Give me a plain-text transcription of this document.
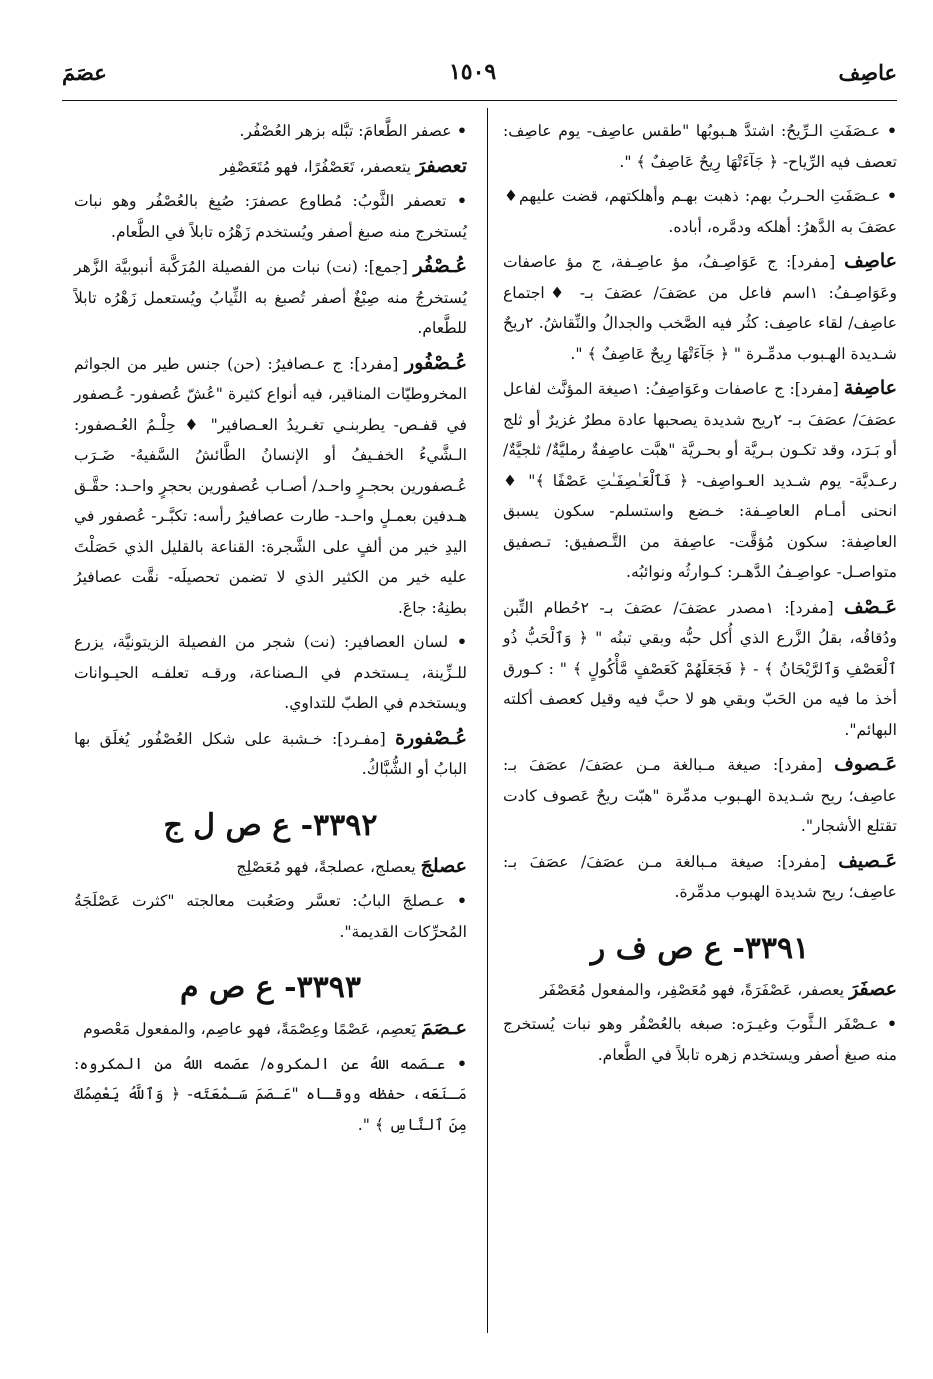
عاصِف
١٥٠٩
عصَمَ
• عـصَفَتِ الـرِّيحُ: اشتدَّ هـبوبُها "طقس عاصِف- يوم عاصِف: تعصف فيه الرِّياح- ﴿ جَآءَتْهَا رِيحٌ عَاصِفٌ ﴾ ".
• عـصَفَتِ الحـربُ بهم: ذهبت بهـم وأهلكتهم، قضت عليهم♦ عصَفَ به الدَّهرُ: أهلكه ودمَّره، أباده.
عاصِف [مفرد]: ج عَوَاصِـفُ، مؤ عاصِـفة، ج مؤ عاصفات وعَوَاصِـفُ: ١اسم فاعل من عصَفَ/ عصَفَ بـ- ♦اجتماع عاصِف/ لقاء عاصِف: كثُر فيه الصَّخب والجدالُ والنِّقاشُ. ٢ريحٌ شـديدة الهـبوب مدمِّـرة " ﴿ جَآءَتْهَا رِيحٌ عَاصِفٌ ﴾ ".
عاصِفة [مفرد]: ج عاصفات وعَوَاصِفُ: ١صيغة المؤنَّث لفاعل عصَفَ/ عصَفَ بـ- ٢ريح شديدة يصحبها عادة مطرٌ غزيرٌ أو ثلج أو بَـرَد، وقد تكـون بـريَّة أو بحـريَّة "هبَّت عاصِفةٌ رمليَّةٌ/ ثلجيَّةٌ/ رعـديَّة- يوم شـديد العـواصِف- ﴿ فَٱلْعَـٰصِفَـٰتِ عَصْفًا ﴾" ♦ انحنى أمـام العاصِـفة: خـضع واستسلم- سكون يسبق العاصِفة: سكون مُؤقَّت- عاصِفة من التَّـصفيق: تـصفيق متواصـل- عواصِـفُ الدَّهـر: كـوارثُه ونوائبُه.
عَـصْف [مفرد]: ١مصدر عصَفَ/ عصَفَ بـ- ٢حُطام التِّبن ودُقاقُه، بقلُ الزَّرع الذي أُكل حبُّه وبقي تبنُه " ﴿ وَٱلْحَبُّ ذُو ٱلْعَصْفِ وَٱلرَّيْحَانُ ﴾ - ﴿ فَجَعَلَهُمْ كَعَصْفٍ مَّأْكُولٍ ﴾ " : كـورق أخذ ما فيه من الحَبّ وبقي هو لا حبَّ فيه وقيل كعصف أكلته البهائم".
عَـصوف [مفرد]: صيغة مـبالغة مـن عصَفَ/ عصَفَ بـ: عاصِف؛ ريح شـديدة الهـبوب مدمِّرة "هبّت ريحٌ عَصوف كادت تقتلع الأشجار".
عَـصيف [مفرد]: صيغة مـبالغة مـن عصَفَ/ عصَفَ بـ: عاصِف؛ ريح شديدة الهبوب مدمِّرة.
٣٣٩١- ع ص ف ر
عصفَرَ يعصفر، عَصْفَرَةً، فهو مُعَصْفِر، والمفعول مُعَصْفَر
• عـصْفَر الـثَّوبَ وغيـرَه: صبغه بالعُصْفُر وهو نبات يُستخرج منه صبغ أصفر ويستخدم زهره تابلاً في الطَّعام.
• عصفر الطَّعامَ: تبَّله بزهر العُصْفُر.
تعصفرَ يتعصفر، تَعَصْفُرًا، فهو مُتَعَصْفِر
• تعصفر الثَّوبُ: مُطاوع عصفرَ: صُبِغ بالعُصْفُر وهو نبات يُستخرج منه صبغ أصفر ويُستخدم زَهْرُه تابلاً في الطَّعام.
عُـصْفُر [جمع]: (نت) نبات من الفصيلة المُرَكَّبة أنبوبيَّة الزَّهر يُستخرجُ منه صِبْغٌ أصفر تُصبغ به الثِّيابُ ويُستعمل زَهْرُه تابلاً للطَّعام.
عُـصْفُور [مفرد]: ج عـصافيرُ: (حن) جنس طير من الجواثم المخروطيّات المناقير، فيه أنواع كثيرة "عُشّ عُصفور- عُـصفور في قفـص- يطربنـي تغـريدُ العـصافير" ♦ حِلْـمُ العُـصفور: الـشَّيءُ الخفـيفُ أو الإنسانُ الطَّائشُ السَّفيهُ- ضَـرَب عُـصفورين بحجـرٍ واحـد/ أصـاب عُصفورين بحجرٍ واحـد: حقَّـق هـدفين بعمـلٍ واحـد- طارت عصافيرُ رأسه: تكبَّـر- عُصفور في اليدِ خير من ألفٍ على الشَّجرة: القناعة بالقليل الذي حَصَلْتَ عليه خير من الكثير الذي لا تضمن تحصيلَه- نقَّت عصافيرُ بطنِهُ: جاعَ.
• لسان العصافير: (نت) شجر من الفصيلة الزيتونيَّة، يزرع للـزِّينة، يـستخدم في الـصناعة، ورقـه تعلفـه الحيـوانات ويستخدم في الطبّ للتداوي.
عُـصْفورة [مفـرد]: خـشبة على شكل العُصْفُور يُغلَق بها البابُ أو الشُّبَّاكُ.
٣٣٩٢- ع ص ل ج
عصلجَ يعصلج، عصلجةً، فهو مُعَصْلِج
• عـصلجَ البابُ: تعسَّر وصَعُبت معالجته "كثرت عَصْلَجَةُ المُحرِّكات القديمة".
٣٣٩٣- ع ص م
عـصَمَ يَعصِم، عَصْمًا وعِصْمَةً، فهو عاصِم، والمفعول مَعْصوم
• عـصَمه اللهُ عن المكروه/ عصَمه اللهُ من المكروه: مَـنَعَه، حفظه ووقـاه "عَـصَمَ سَـمْعَتَه- ﴿ وَٱللَّهُ يَعْصِمُكَ مِنَ ٱلنَّاسِ ﴾ ".
